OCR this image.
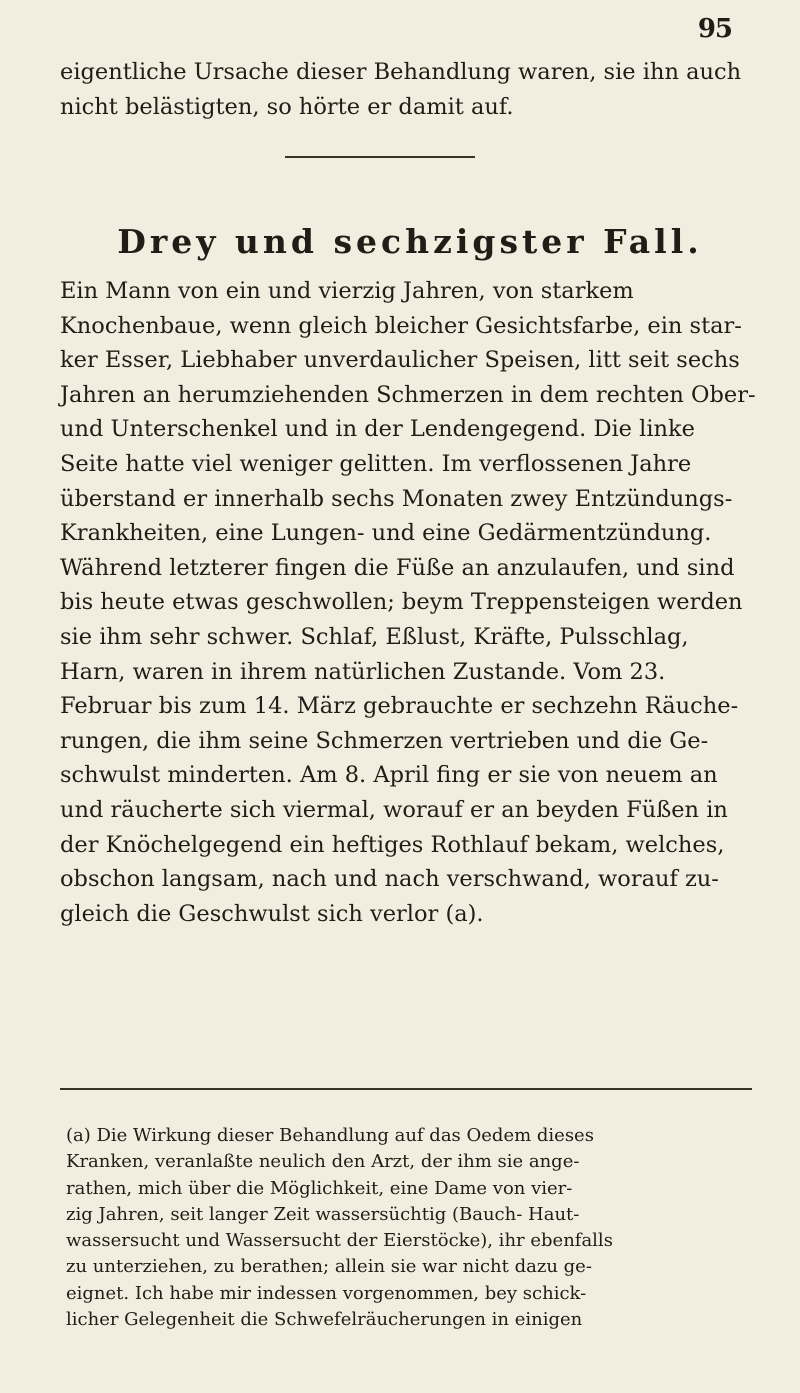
95
eigentliche Ursache dieser Behandlung waren, sie ihn auch
nicht belästigten, so hörte er damit auf.
Drey und sechzigster Fall.
Ein Mann von ein und vierzig Jahren, von starkem
Knochenbaue, wenn gleich bleicher Gesichtsfarbe, ein star-
ker Esser, Liebhaber unverdaulicher Speisen, litt seit sechs
Jahren an herumziehenden Schmerzen in dem rechten Ober-
und Unterschenkel und in der Lendengegend. Die linke
Seite hatte viel weniger gelitten. Im verflossenen Jahre
überstand er innerhalb sechs Monaten zwey Entzündungs-
Krankheiten, eine Lungen- und eine Gedärmentzündung.
Während letzterer fingen die Füße an anzulaufen, und sind
bis heute etwas geschwollen; beym Treppensteigen werden
sie ihm sehr schwer. Schlaf, Eßlust, Kräfte, Pulsschlag,
Harn, waren in ihrem natürlichen Zustande. Vom 23.
Februar bis zum 14. März gebrauchte er sechzehn Räuche-
rungen, die ihm seine Schmerzen vertrieben und die Ge-
schwulst minderten. Am 8. April fing er sie von neuem an
und räucherte sich viermal, worauf er an beyden Füßen in
der Knöchelgegend ein heftiges Rothlauf bekam, welches,
obschon langsam, nach und nach verschwand, worauf zu-
gleich die Geschwulst sich verlor (a).
(a) Die Wirkung dieser Behandlung auf das Oedem dieses
Kranken, veranlaßte neulich den Arzt, der ihm sie ange-
rathen, mich über die Möglichkeit, eine Dame von vier-
zig Jahren, seit langer Zeit wassersüchtig (Bauch- Haut-
wassersucht und Wassersucht der Eierstöcke), ihr ebenfalls
zu unterziehen, zu berathen; allein sie war nicht dazu ge-
eignet. Ich habe mir indessen vorgenommen, bey schick-
licher Gelegenheit die Schwefelräucherungen in einigen
